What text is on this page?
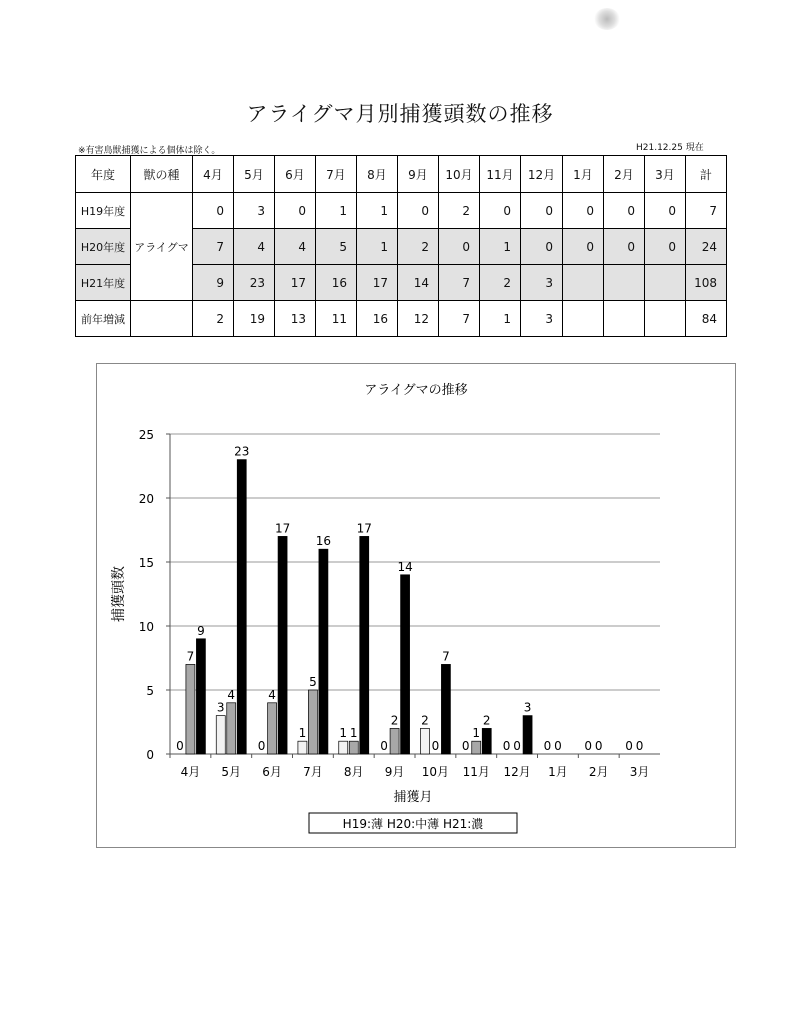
アライグマ月別捕獲頭数の推移
※有害鳥獣捕獲による個体は除く。	H21.12.25 現在
年度	獣の種	4月	5月	6月	7月	8月	9月	10月	11月	12月	1月	2月	3月	計
H19年度	アライグマ	0	3	0	1	1	0	2	0	0	0	0	0	7
H20年度		7	4	4	5	1	2	0	1	0	0	0	0	24
H21年度		9	23	17	16	17	14	7	2	3				108
前年増減		2	19	13	11	16	12	7	1	3				84
アライグマの推移
捕獲頭数
捕獲月
H19:薄 H20:中薄 H21:濃
0
5
10
15
20
25
4月
0
7
9
5月
3
4
23
6月
0
4
17
7月
1
5
16
8月
1 1
17
9月
0
2
14
10月
2
0
7
11月
0
1
2
12月
0 0
3
1月
0 0
2月
0 0
3月
0 0
